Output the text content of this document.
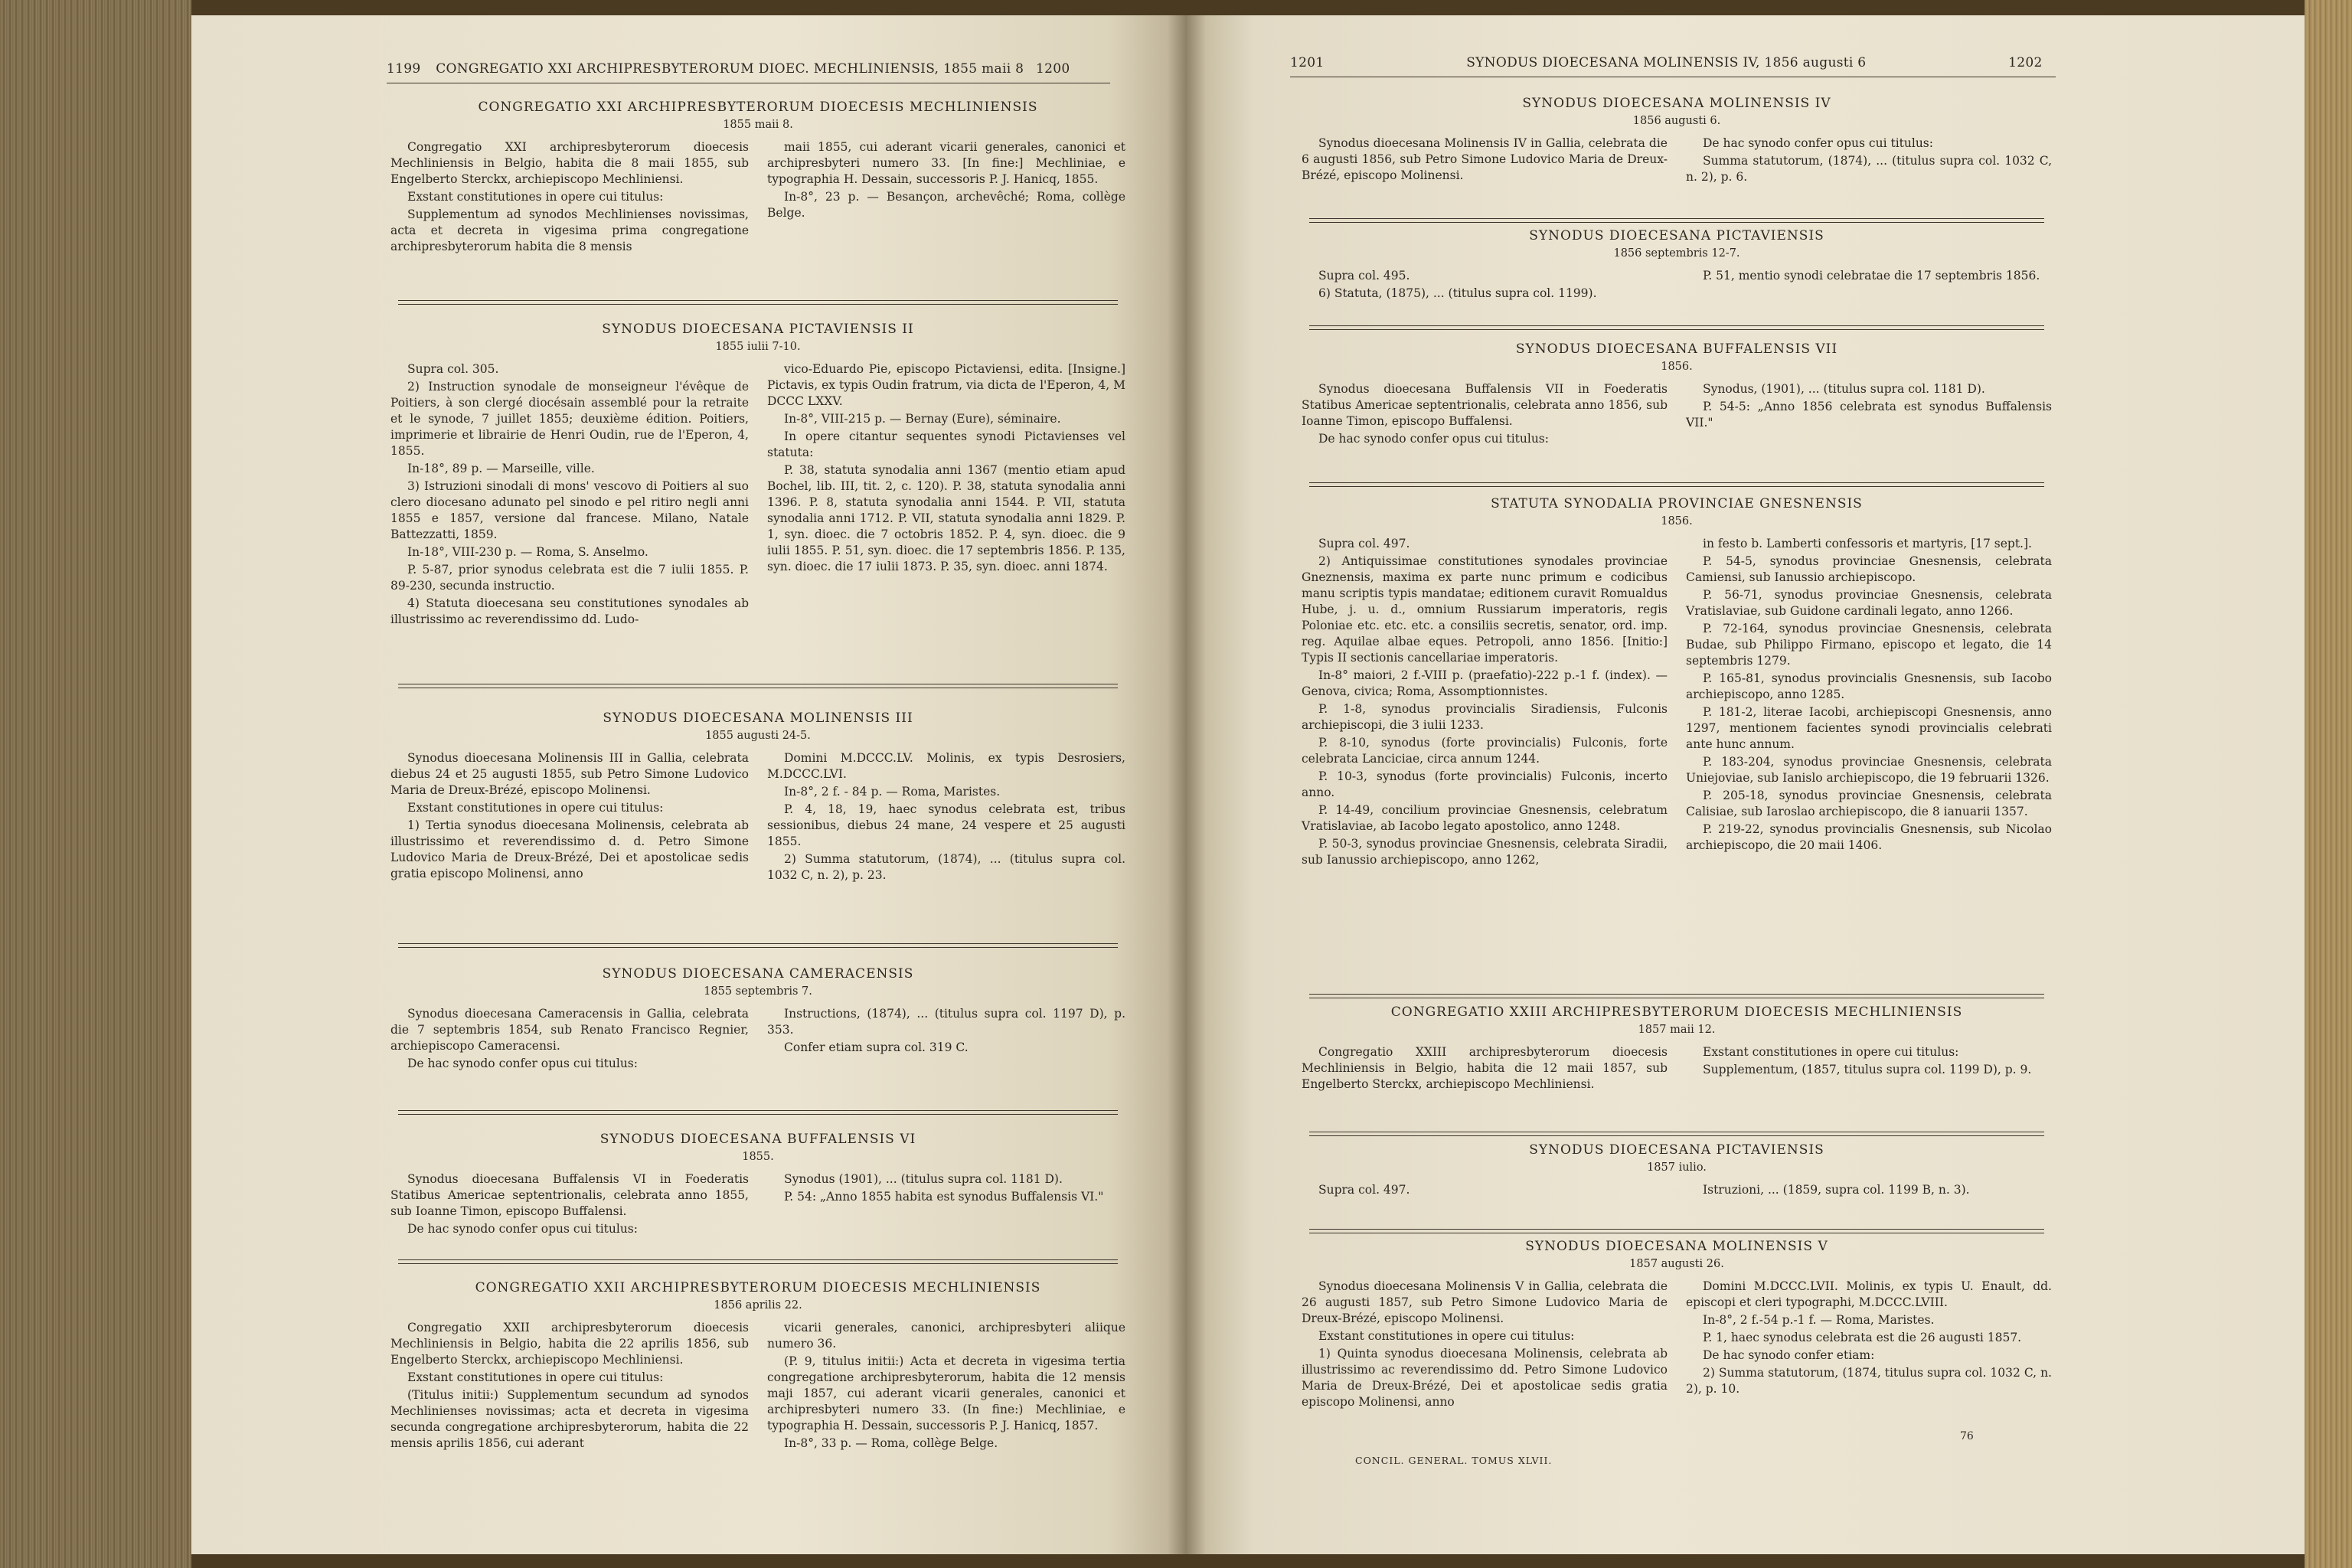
1199 CONGREGATIO XXI ARCHIPRESBYTERORUM DIOEC. MECHLINIENSIS, 1855 maii 8 1200	1201	SYNODUS DIOECESANA MOLINENSIS IV, 1856 augusti 6	1202
CONGREGATIO XXI ARCHIPRESBYTERORUM DIOECESIS MECHLINIENSIS
1855 maii 8.

Congregatio XXI archipresbyterorum dioecesis Mechliniensis in Belgio, habita die 8 maii 1855, sub Engelberto Sterckx, archiepiscopo Mechliniensi.

Exstant constitutiones in opere cui titulus:

Supplementum ad synodos Mechlinienses novissimas, acta et decreta in vigesima prima congregatione archipresbyterorum habita die 8 mensis

maii 1855, cui aderant vicarii generales, canonici et archipresbyteri numero 33. [In fine:] Mechliniae, e typographia H. Dessain, successoris P. J. Hanicq, 1855.

In-8°, 23 p. — Besançon, archevêché; Roma, collège Belge.

SYNODUS DIOECESANA PICTAVIENSIS II
1855 iulii 7-10.

Supra col. 305.

2) Instruction synodale de monseigneur l'évêque de Poitiers, à son clergé diocésain assemblé pour la retraite et le synode, 7 juillet 1855; deuxième édition. Poitiers, imprimerie et librairie de Henri Oudin, rue de l'Eperon, 4, 1855.

In-18°, 89 p. — Marseille, ville.

3) Istruzioni sinodali di mons' vescovo di Poitiers al suo clero diocesano adunato pel sinodo e pel ritiro negli anni 1855 e 1857, versione dal francese. Milano, Natale Battezzatti, 1859.

In-18°, VIII-230 p. — Roma, S. Anselmo.

P. 5-87, prior synodus celebrata est die 7 iulii 1855. P. 89-230, secunda instructio.

4) Statuta dioecesana seu constitutiones synodales ab illustrissimo ac reverendissimo dd. Ludo-

vico-Eduardo Pie, episcopo Pictaviensi, edita. [Insigne.] Pictavis, ex typis Oudin fratrum, via dicta de l'Eperon, 4, M DCCC LXXV.

In-8°, VIII-215 p. — Bernay (Eure), séminaire.

In opere citantur sequentes synodi Pictavienses vel statuta:

P. 38, statuta synodalia anni 1367 (mentio etiam apud Bochel, lib. III, tit. 2, c. 120). P. 38, statuta synodalia anni 1396. P. 8, statuta synodalia anni 1544. P. VII, statuta synodalia anni 1712. P. VII, statuta synodalia anni 1829. P. 1, syn. dioec. die 7 octobris 1852. P. 4, syn. dioec. die 9 iulii 1855. P. 51, syn. dioec. die 17 septembris 1856. P. 135, syn. dioec. die 17 iulii 1873. P. 35, syn. dioec. anni 1874.

SYNODUS DIOECESANA MOLINENSIS III
1855 augusti 24-5.

Synodus dioecesana Molinensis III in Gallia, celebrata diebus 24 et 25 augusti 1855, sub Petro Simone Ludovico Maria de Dreux-Brézé, episcopo Molinensi.

Exstant constitutiones in opere cui titulus:

1) Tertia synodus dioecesana Molinensis, celebrata ab illustrissimo et reverendissimo d. d. Petro Simone Ludovico Maria de Dreux-Brézé, Dei et apostolicae sedis gratia episcopo Molinensi, anno

Domini M.DCCC.LV. Molinis, ex typis Desrosiers, M.DCCC.LVI.

In-8°, 2 f. - 84 p. — Roma, Maristes.

P. 4, 18, 19, haec synodus celebrata est, tribus sessionibus, diebus 24 mane, 24 vespere et 25 augusti 1855.

2) Summa statutorum, (1874), ... (titulus supra col. 1032 C, n. 2), p. 23.

SYNODUS DIOECESANA CAMERACENSIS
1855 septembris 7.

Synodus dioecesana Cameracensis in Gallia, celebrata die 7 septembris 1854, sub Renato Francisco Regnier, archiepiscopo Cameracensi.

De hac synodo confer opus cui titulus:

Instructions, (1874), ... (titulus supra col. 1197 D), p. 353.

Confer etiam supra col. 319 C.

SYNODUS DIOECESANA BUFFALENSIS VI
1855.

Synodus dioecesana Buffalensis VI in Foederatis Statibus Americae septentrionalis, celebrata anno 1855, sub Ioanne Timon, episcopo Buffalensi.

De hac synodo confer opus cui titulus:

Synodus (1901), ... (titulus supra col. 1181 D).

P. 54: „Anno 1855 habita est synodus Buffalensis VI."

CONGREGATIO XXII ARCHIPRESBYTERORUM DIOECESIS MECHLINIENSIS
1856 aprilis 22.

Congregatio XXII archipresbyterorum dioecesis Mechliniensis in Belgio, habita die 22 aprilis 1856, sub Engelberto Sterckx, archiepiscopo Mechliniensi.

Exstant constitutiones in opere cui titulus:

(Titulus initii:) Supplementum secundum ad synodos Mechlinienses novissimas; acta et decreta in vigesima secunda congregatione archipresbyterorum, habita die 22 mensis aprilis 1856, cui aderant

vicarii generales, canonici, archipresbyteri aliique numero 36.

(P. 9, titulus initii:) Acta et decreta in vigesima tertia congregatione archipresbyterorum, habita die 12 mensis maji 1857, cui aderant vicarii generales, canonici et archipresbyteri numero 33. (In fine:) Mechliniae, e typographia H. Dessain, successoris P. J. Hanicq, 1857.

In-8°, 33 p. — Roma, collège Belge.

SYNODUS DIOECESANA MOLINENSIS IV
1856 augusti 6.

Synodus dioecesana Molinensis IV in Gallia, celebrata die 6 augusti 1856, sub Petro Simone Ludovico Maria de Dreux-Brézé, episcopo Molinensi.

De hac synodo confer opus cui titulus:

Summa statutorum, (1874), ... (titulus supra col. 1032 C, n. 2), p. 6.

SYNODUS DIOECESANA PICTAVIENSIS
1856 septembris 12-7.

Supra col. 495.

6) Statuta, (1875), ... (titulus supra col. 1199).

P. 51, mentio synodi celebratae die 17 septembris 1856.

SYNODUS DIOECESANA BUFFALENSIS VII
1856.

Synodus dioecesana Buffalensis VII in Foederatis Statibus Americae septentrionalis, celebrata anno 1856, sub Ioanne Timon, episcopo Buffalensi.

De hac synodo confer opus cui titulus:

Synodus, (1901), ... (titulus supra col. 1181 D).

P. 54-5: „Anno 1856 celebrata est synodus Buffalensis VII."

STATUTA SYNODALIA PROVINCIAE GNESNENSIS
1856.

Supra col. 497.

2) Antiquissimae constitutiones synodales provinciae Gneznensis, maxima ex parte nunc primum e codicibus manu scriptis typis mandatae; editionem curavit Romualdus Hube, j. u. d., omnium Russiarum imperatoris, regis Poloniae etc. etc. etc. a consiliis secretis, senator, ord. imp. reg. Aquilae albae eques. Petropoli, anno 1856. [Initio:] Typis II sectionis cancellariae imperatoris.

In-8° maiori, 2 f.-VIII p. (praefatio)-222 p.-1 f. (index). — Genova, civica; Roma, Assomptionnistes.

P. 1-8, synodus provincialis Siradiensis, Fulconis archiepiscopi, die 3 iulii 1233.

P. 8-10, synodus (forte provincialis) Fulconis, forte celebrata Lanciciae, circa annum 1244.

P. 10-3, synodus (forte provincialis) Fulconis, incerto anno.

P. 14-49, concilium provinciae Gnesnensis, celebratum Vratislaviae, ab Iacobo legato apostolico, anno 1248.

P. 50-3, synodus provinciae Gnesnensis, celebrata Siradii, sub Ianussio archiepiscopo, anno 1262,

in festo b. Lamberti confessoris et martyris, [17 sept.].

P. 54-5, synodus provinciae Gnesnensis, celebrata Camiensi, sub Ianussio archiepiscopo.

P. 56-71, synodus provinciae Gnesnensis, celebrata Vratislaviae, sub Guidone cardinali legato, anno 1266.

P. 72-164, synodus provinciae Gnesnensis, celebrata Budae, sub Philippo Firmano, episcopo et legato, die 14 septembris 1279.

P. 165-81, synodus provincialis Gnesnensis, sub Iacobo archiepiscopo, anno 1285.

P. 181-2, literae Iacobi, archiepiscopi Gnesnensis, anno 1297, mentionem facientes synodi provincialis celebrati ante hunc annum.

P. 183-204, synodus provinciae Gnesnensis, celebrata Uniejoviae, sub Ianislo archiepiscopo, die 19 februarii 1326.

P. 205-18, synodus provinciae Gnesnensis, celebrata Calisiae, sub Iaroslao archiepiscopo, die 8 ianuarii 1357.

P. 219-22, synodus provincialis Gnesnensis, sub Nicolao archiepiscopo, die 20 maii 1406.

CONGREGATIO XXIII ARCHIPRESBYTERORUM DIOECESIS MECHLINIENSIS
1857 maii 12.

Congregatio XXIII archipresbyterorum dioecesis Mechliniensis in Belgio, habita die 12 maii 1857, sub Engelberto Sterckx, archiepiscopo Mechliniensi.

Exstant constitutiones in opere cui titulus:

Supplementum, (1857, titulus supra col. 1199 D), p. 9.

SYNODUS DIOECESANA PICTAVIENSIS
1857 iulio.

Supra col. 497.	Istruzioni, ... (1859, supra col. 1199 B, n. 3).

SYNODUS DIOECESANA MOLINENSIS V
1857 augusti 26.

Synodus dioecesana Molinensis V in Gallia, celebrata die 26 augusti 1857, sub Petro Simone Ludovico Maria de Dreux-Brézé, episcopo Molinensi.

Exstant constitutiones in opere cui titulus:

1) Quinta synodus dioecesana Molinensis, celebrata ab illustrissimo ac reverendissimo dd. Petro Simone Ludovico Maria de Dreux-Brézé, Dei et apostolicae sedis gratia episcopo Molinensi, anno

Domini M.DCCC.LVII. Molinis, ex typis U. Enault, dd. episcopi et cleri typographi, M.DCCC.LVIII.

In-8°, 2 f.-54 p.-1 f. — Roma, Maristes.

P. 1, haec synodus celebrata est die 26 augusti 1857.

De hac synodo confer etiam:

2) Summa statutorum, (1874, titulus supra col. 1032 C, n. 2), p. 10.

CONCIL. GENERAL. TOMUS XLVII.
76
